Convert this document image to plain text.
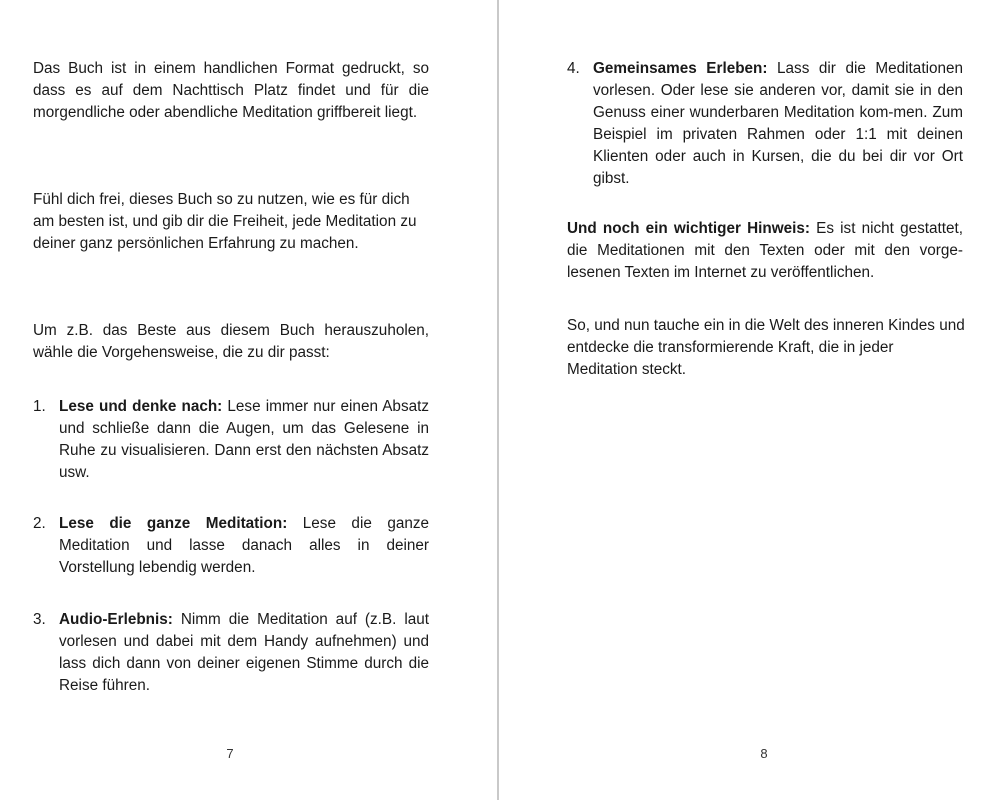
Das Buch ist in einem handlichen Format gedruckt, so dass es auf dem Nachttisch Platz findet und für die morgendliche oder abendliche Meditation griffbereit liegt.

Fühl dich frei, dieses Buch so zu nutzen, wie es für dich am besten ist, und gib dir die Freiheit, jede Meditation zu deiner ganz persönlichen Erfahrung zu machen.

Um z.B. das Beste aus diesem Buch herauszuholen, wähle die Vorgehensweise, die zu dir passt:

1. Lese und denke nach: Lese immer nur einen Absatz und schließe dann die Augen, um das Gelesene in Ruhe zu visualisieren. Dann erst den nächsten Absatz usw.
2. Lese die ganze Meditation: Lese die ganze Meditation und lasse danach alles in deiner Vorstellung lebendig werden.
3. Audio-Erlebnis: Nimm die Meditation auf (z.B. laut vorlesen und dabei mit dem Handy aufnehmen) und lass dich dann von deiner eigenen Stimme durch die Reise führen.
7
4. Gemeinsames Erleben: Lass dir die Meditationen vorlesen. Oder lese sie anderen vor, damit sie in den Genuss einer wunderbaren Meditation kom-men. Zum Beispiel im privaten Rahmen oder 1:1 mit deinen Klienten oder auch in Kursen, die du bei dir vor Ort gibst.

Und noch ein wichtiger Hinweis: Es ist nicht gestattet, die Meditationen mit den Texten oder mit den vorge-lesenen Texten im Internet zu veröffentlichen.

So, und nun tauche ein in die Welt des inneren Kindes und entdecke die transformierende Kraft, die in jeder Meditation steckt.

8
